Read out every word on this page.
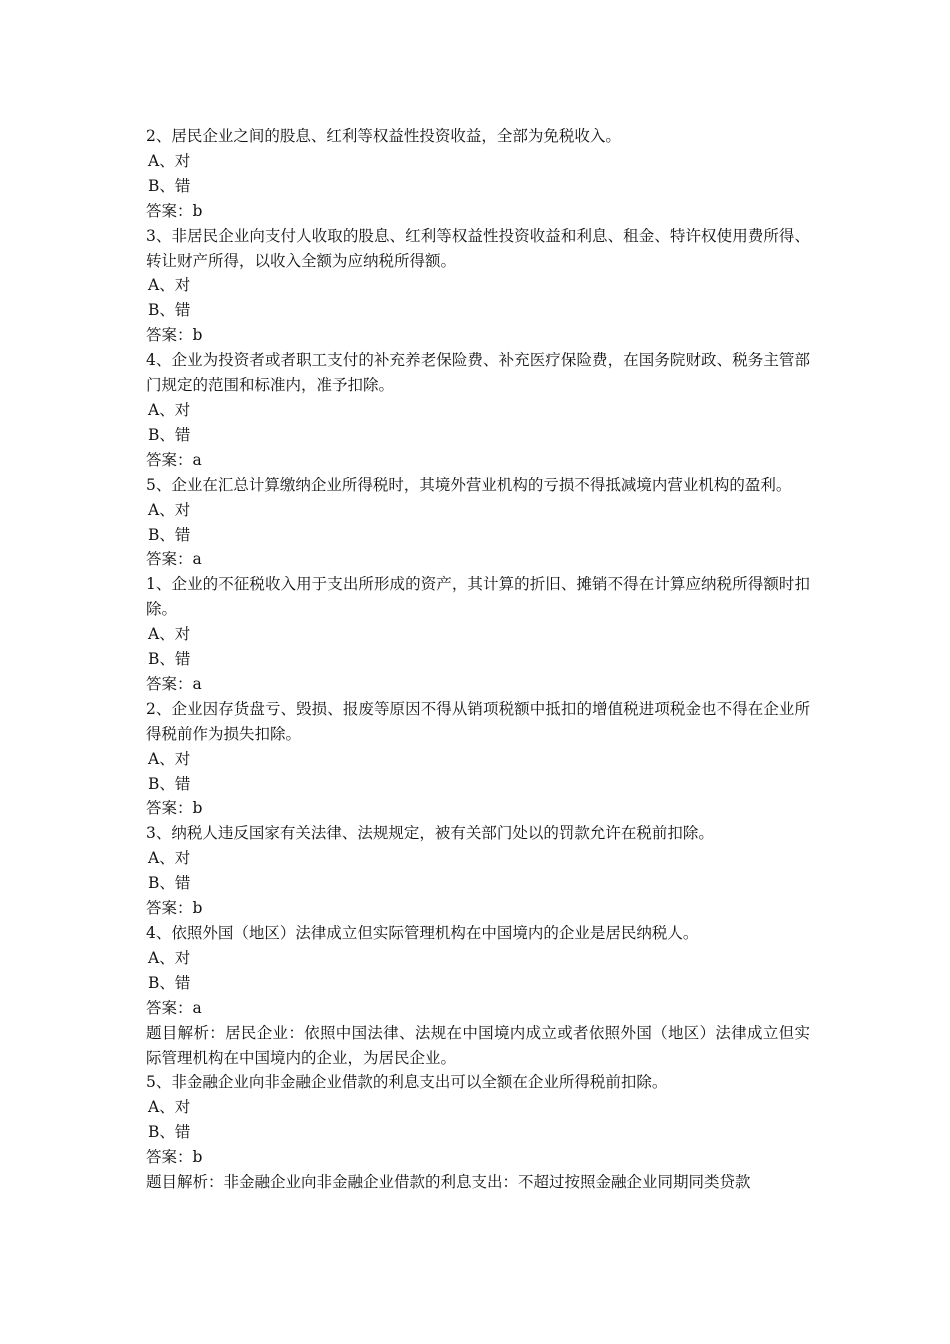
2、居民企业之间的股息、红利等权益性投资收益，全部为免税收入。

A、对

B、错

答案：b

3、非居民企业向支付人收取的股息、红利等权益性投资收益和利息、租金、特许权使用费所得、转让财产所得，以收入全额为应纳税所得额。

A、对

B、错

答案：b

4、企业为投资者或者职工支付的补充养老保险费、补充医疗保险费，在国务院财政、税务主管部门规定的范围和标准内，准予扣除。

A、对

B、错

答案：a

5、企业在汇总计算缴纳企业所得税时，其境外营业机构的亏损不得抵减境内营业机构的盈利。

A、对

B、错

答案：a

1、企业的不征税收入用于支出所形成的资产，其计算的折旧、摊销不得在计算应纳税所得额时扣除。

A、对

B、错

答案：a

2、企业因存货盘亏、毁损、报废等原因不得从销项税额中抵扣的增值税进项税金也不得在企业所得税前作为损失扣除。

A、对

B、错

答案：b

3、纳税人违反国家有关法律、法规规定，被有关部门处以的罚款允许在税前扣除。

A、对

B、错

答案：b

4、依照外国（地区）法律成立但实际管理机构在中国境内的企业是居民纳税人。

A、对

B、错

答案：a

题目解析：居民企业：依照中国法律、法规在中国境内成立或者依照外国（地区）法律成立但实际管理机构在中国境内的企业，为居民企业。

5、非金融企业向非金融企业借款的利息支出可以全额在企业所得税前扣除。

A、对

B、错

答案：b

题目解析：非金融企业向非金融企业借款的利息支出：不超过按照金融企业同期同类贷款
